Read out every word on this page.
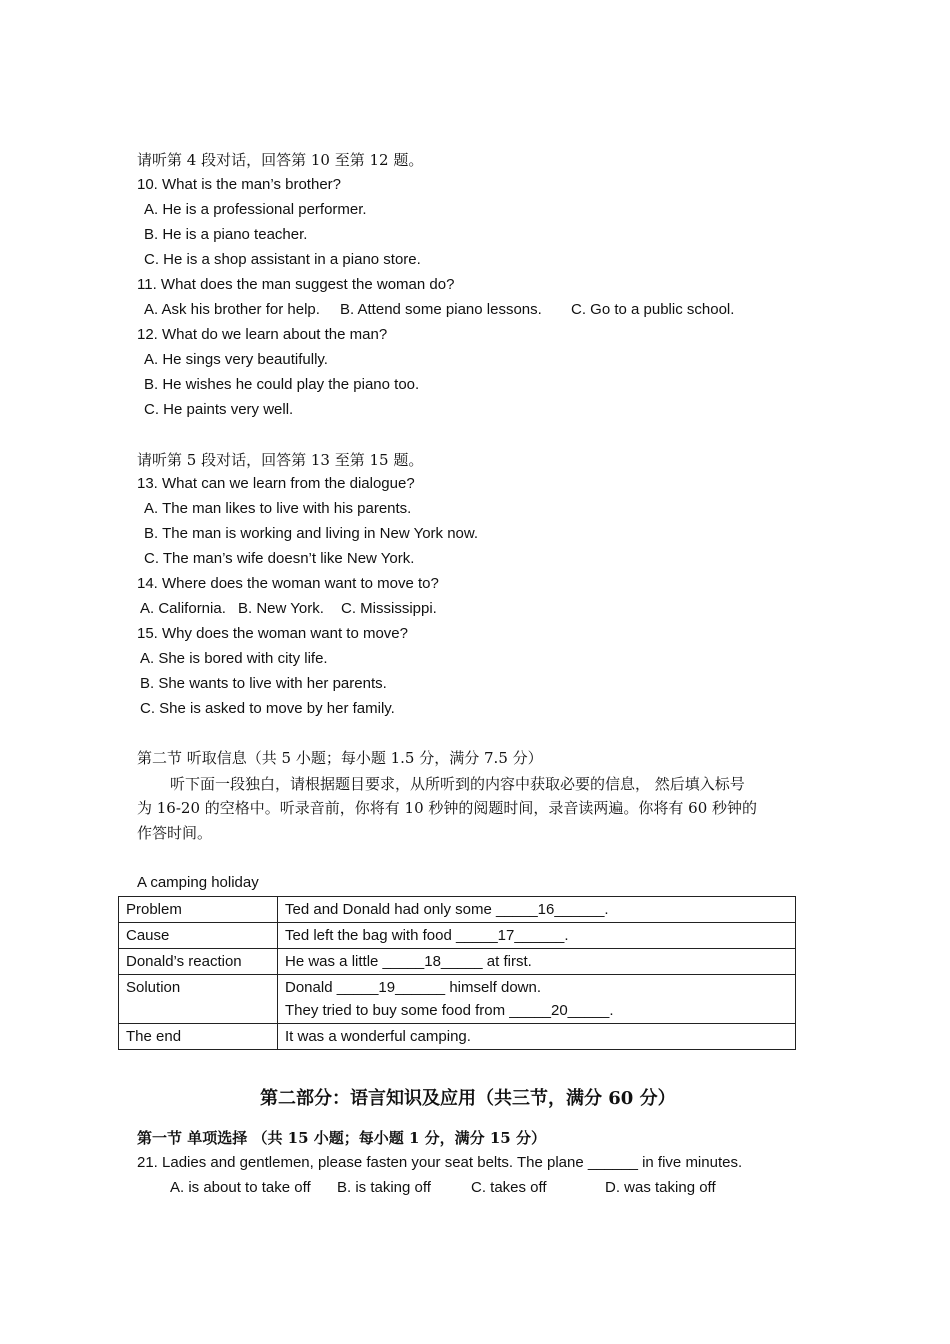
请听第 4 段对话，回答第 10 至第 12 题。
10. What is the man’s brother?
A. He is a professional performer.
B. He is a piano teacher.
C. He is a shop assistant in a piano store.
11. What does the man suggest the woman do?
A. Ask his brother for help. B. Attend some piano lessons. C. Go to a public school.
12. What do we learn about the man?
A. He sings very beautifully.
B. He wishes he could play the piano too.
C. He paints very well.
请听第 5 段对话，回答第 13 至第 15 题。
13. What can we learn from the dialogue?
A. The man likes to live with his parents.
B. The man is working and living in New York now.
C. The man’s wife doesn’t like New York.
14. Where does the woman want to move to?
A. California. B. New York. C. Mississippi.
15. Why does the woman want to move?
A. She is bored with city life.
B. She wants to live with her parents.
C. She is asked to move by her family.
第二节 听取信息（共 5 小题；每小题 1.5 分，满分 7.5 分）
听下面一段独白，请根据题目要求，从所听到的内容中获取必要的信息， 然后填入标号
为 16-20 的空格中。听录音前，你将有 10 秒钟的阅题时间，录音读两遍。你将有 60 秒钟的
作答时间。
A camping holiday
Problem	Ted and Donald had only some _____16______.
Cause	Ted left the bag with food _____17______.
Donald’s reaction	He was a little _____18_____ at first.
Solution	Donald _____19______ himself down.
They tried to buy some food from _____20_____.

The end	It was a wonderful camping.
第二部分：语言知识及应用（共三节，满分 60 分）
第一节 单项选择 （共 15 小题；每小题 1 分，满分 15 分）
21. Ladies and gentlemen, please fasten your seat belts. The plane ______ in five minutes.
A. is about to take off B. is taking off	C. takes off	D. was taking off
